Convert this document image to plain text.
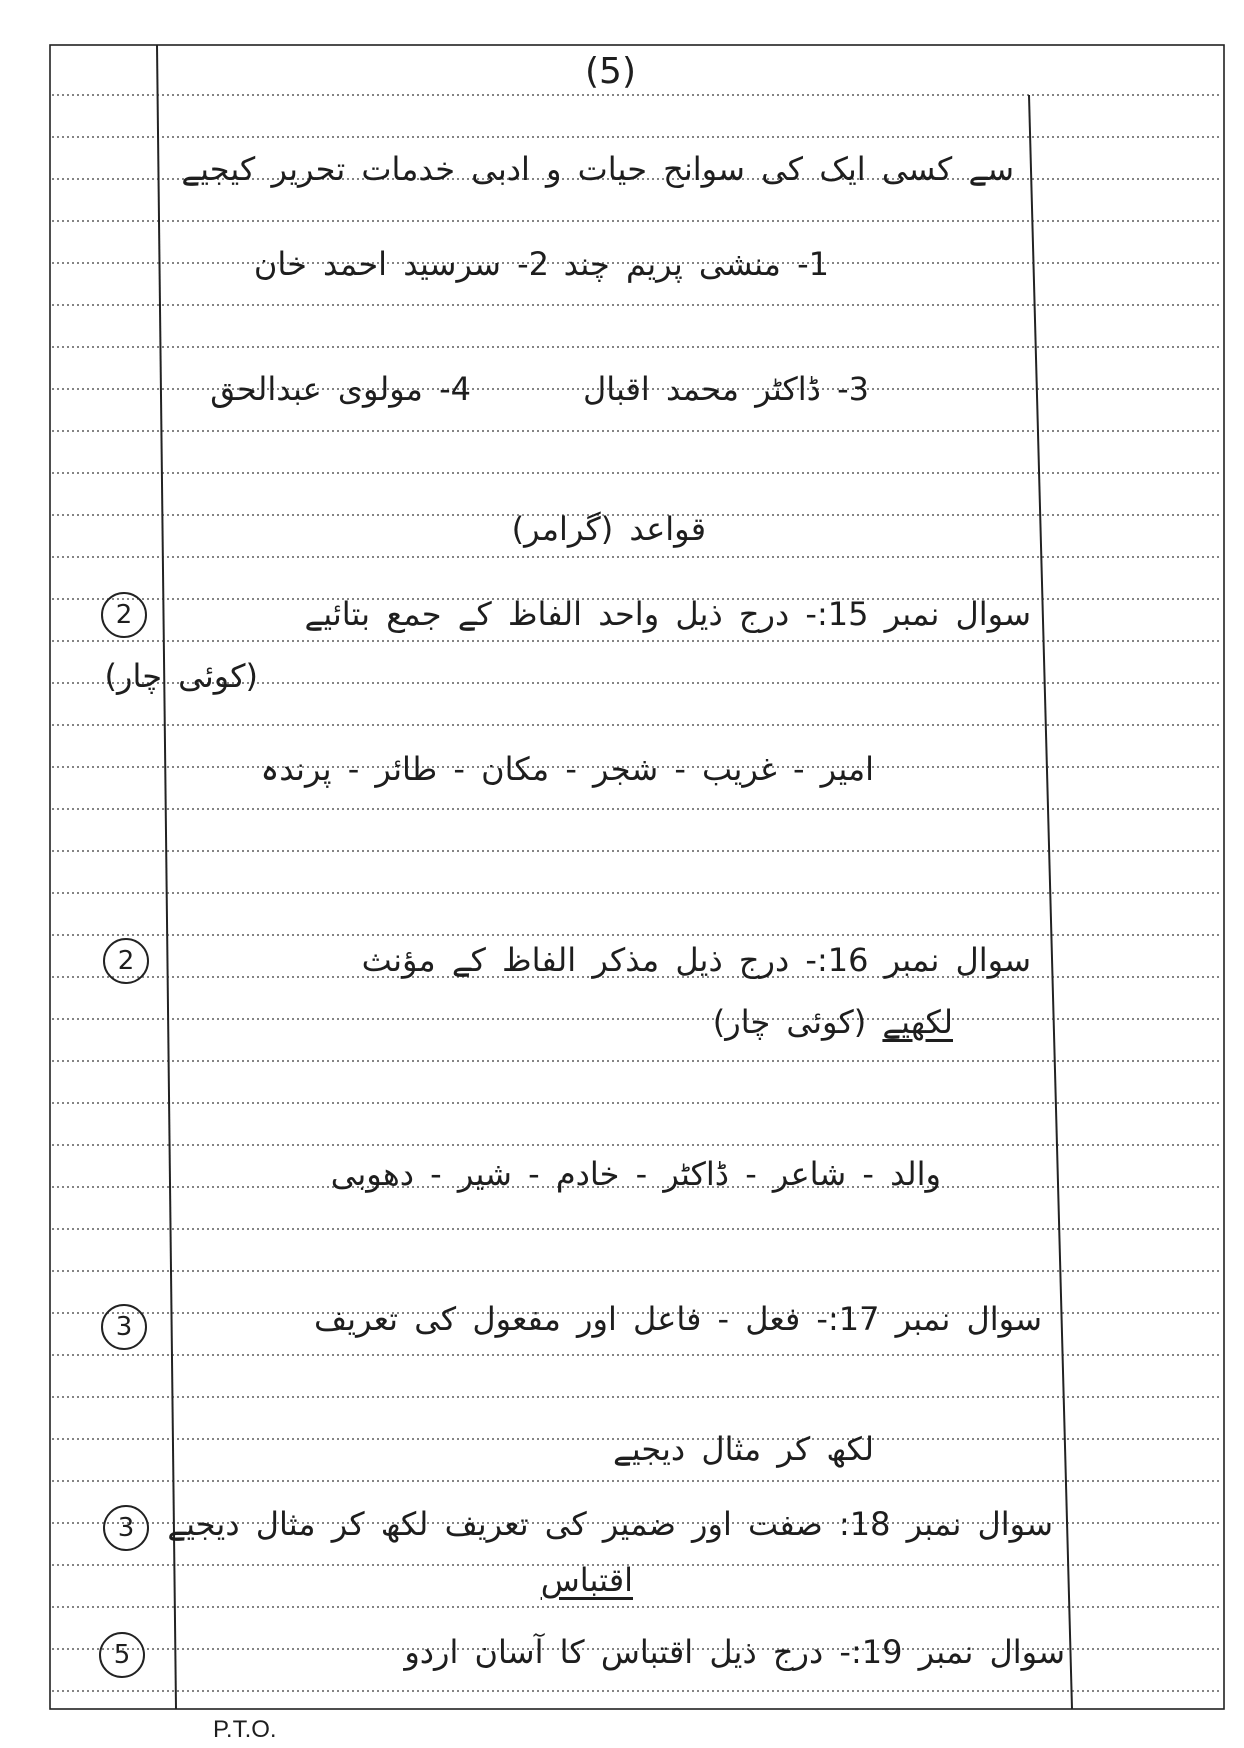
(5)
سے کسی ایک کی سوانح حیات و ادبی خدمات تحریر کیجیے
1- منشی پریم چند
2- سرسید احمد خان
3- ڈاکٹر محمد اقبال
4- مولوی عبدالحق
قواعد (گرامر)
2	سوال نمبر 15:- درج ذیل واحد الفاظ کے جمع بتائیے
(کوئی چار)
امیر - غریب - شجر - مکان - طائر - پرندہ
2	سوال نمبر 16:- درج ذیل مذکر الفاظ کے مؤنث
لکھیے (کوئی چار)
والد - شاعر - ڈاکٹر - خادم - شیر - دھوبی
3	سوال نمبر 17:- فعل - فاعل اور مفعول کی تعریف
لکھ کر مثال دیجیے
3	سوال نمبر 18: صفت اور ضمیر کی تعریف لکھ کر مثال دیجیے
اقتباس
5	سوال نمبر 19:- درج ذیل اقتباس کا آسان اردو
P.T.O.
